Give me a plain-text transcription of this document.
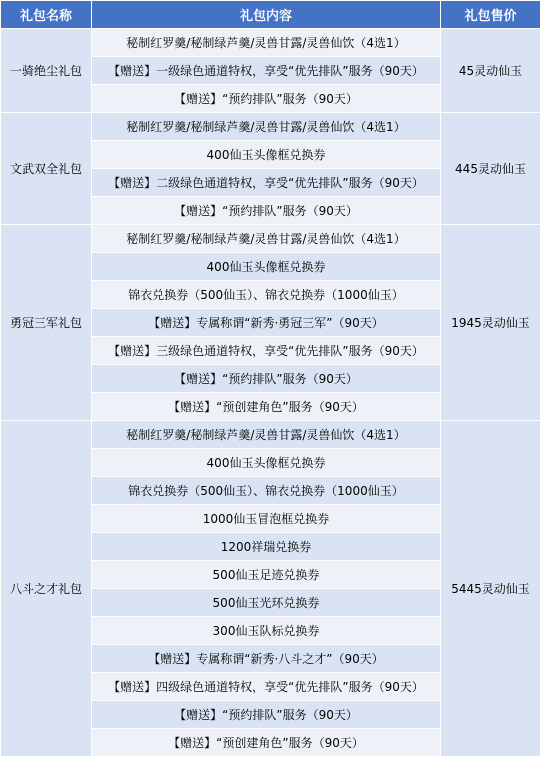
礼包名称	礼包内容	礼包售价
一骑绝尘礼包	秘制红罗羹/秘制绿芦羹/灵兽甘露/灵兽仙饮（4选1）	45灵动仙玉
	【赠送】一级绿色通道特权，享受“优先排队”服务（90天）	
	【赠送】“预约排队”服务（90天）	
文武双全礼包	秘制红罗羹/秘制绿芦羹/灵兽甘露/灵兽仙饮（4选1）	445灵动仙玉
	400仙玉头像框兑换券	
	【赠送】二级绿色通道特权，享受“优先排队”服务（90天）	
	【赠送】“预约排队”服务（90天）	
勇冠三军礼包	秘制红罗羹/秘制绿芦羹/灵兽甘露/灵兽仙饮（4选1）	1945灵动仙玉
	400仙玉头像框兑换券	
	锦衣兑换券（500仙玉）、锦衣兑换券（1000仙玉）	
	【赠送】专属称谓“新秀·勇冠三军”（90天）	
	【赠送】三级绿色通道特权，享受“优先排队”服务（90天）	
	【赠送】“预约排队”服务（90天）	
	【赠送】“预创建角色”服务（90天）	
八斗之才礼包	秘制红罗羹/秘制绿芦羹/灵兽甘露/灵兽仙饮（4选1）	5445灵动仙玉
	400仙玉头像框兑换券	
	锦衣兑换券（500仙玉）、锦衣兑换券（1000仙玉）	
	1000仙玉冒泡框兑换券	
	1200祥瑞兑换券	
	500仙玉足迹兑换券	
	500仙玉光环兑换券	
	300仙玉队标兑换券	
	【赠送】专属称谓“新秀·八斗之才”（90天）	
	【赠送】四级绿色通道特权，享受“优先排队”服务（90天）	
	【赠送】“预约排队”服务（90天）	
	【赠送】“预创建角色”服务（90天）	
